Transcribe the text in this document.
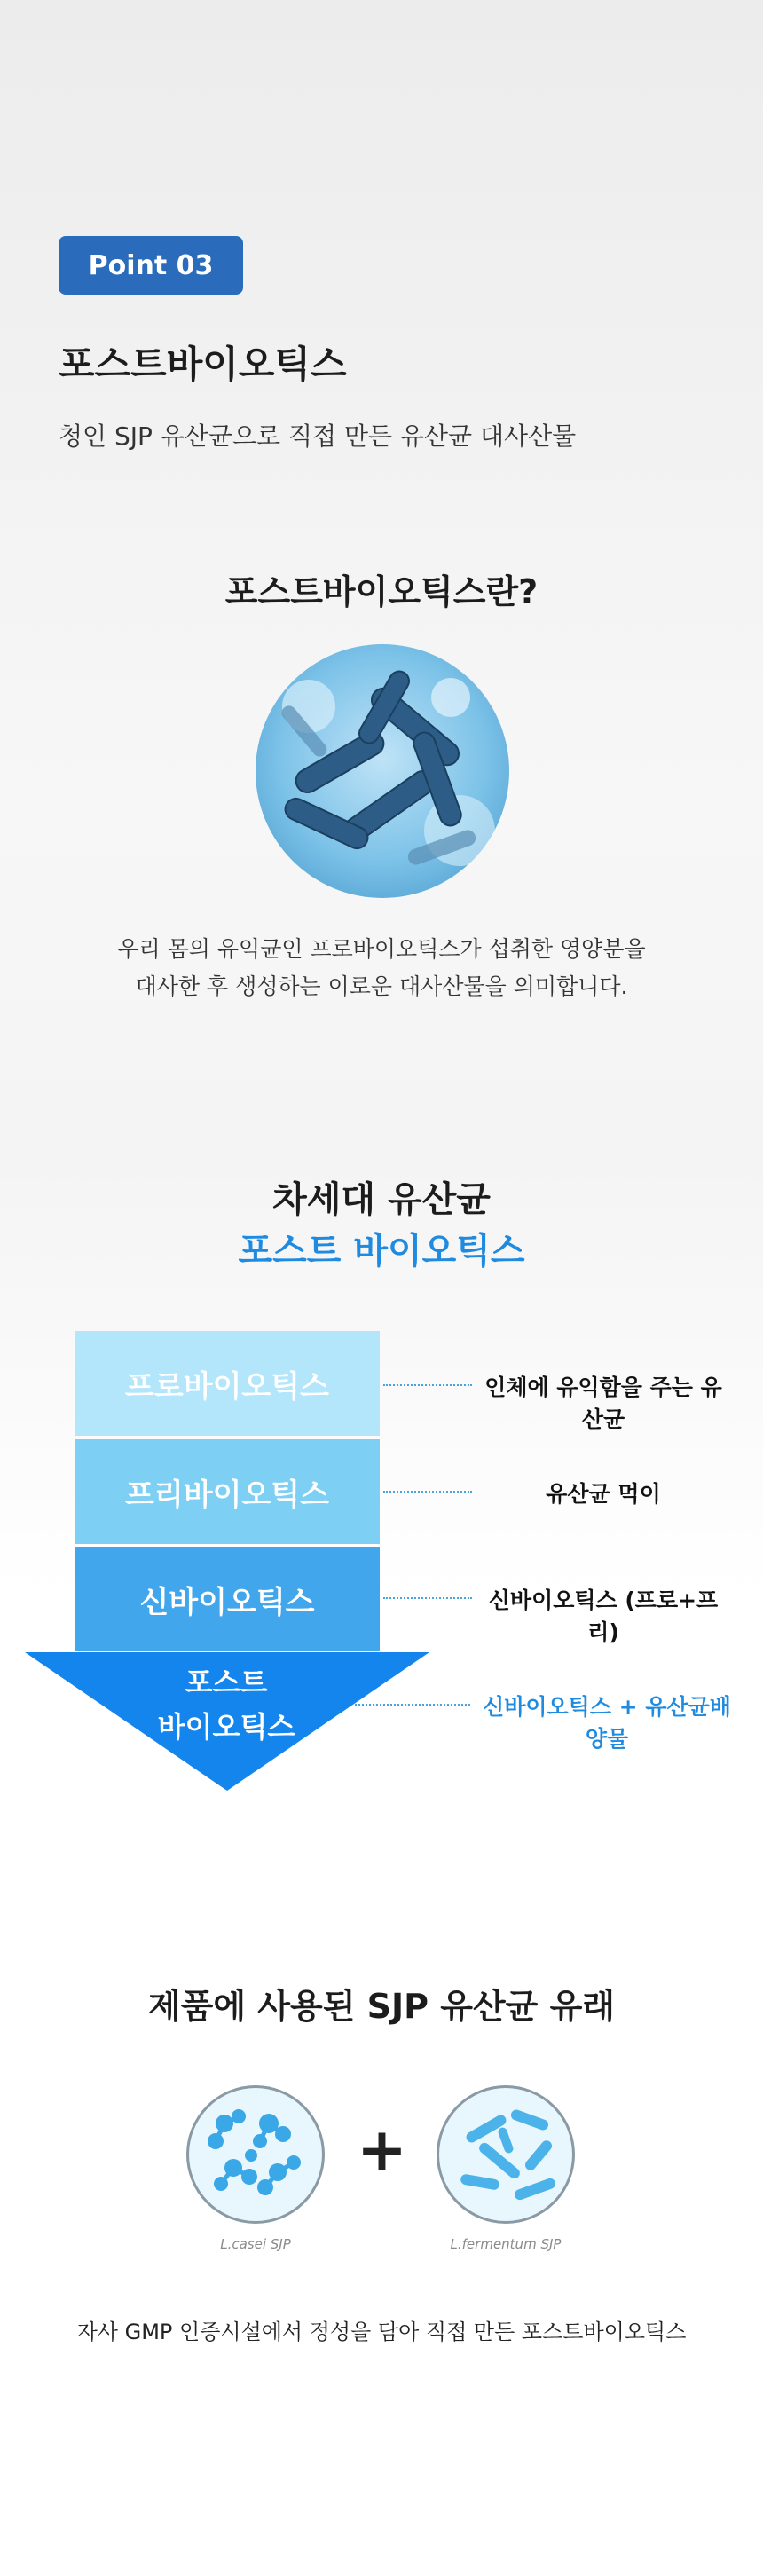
Point 03
포스트바이오틱스
청인 SJP 유산균으로 직접 만든 유산균 대사산물
포스트바이오틱스란?
우리 몸의 유익균인 프로바이오틱스가 섭취한 영양분을
대사한 후 생성하는 이로운 대사산물을 의미합니다.
차세대 유산균
포스트 바이오틱스
프로바이오틱스
프리바이오틱스
신바이오틱스
포스트
바이오틱스
인체에 유익함을 주는 유산균
유산균 먹이
신바이오틱스 (프로+프리)
신바이오틱스 + 유산균배양물
제품에 사용된 SJP 유산균 유래
+
L.casei SJP	L.fermentum SJP
자사 GMP 인증시설에서 정성을 담아 직접 만든 포스트바이오틱스
